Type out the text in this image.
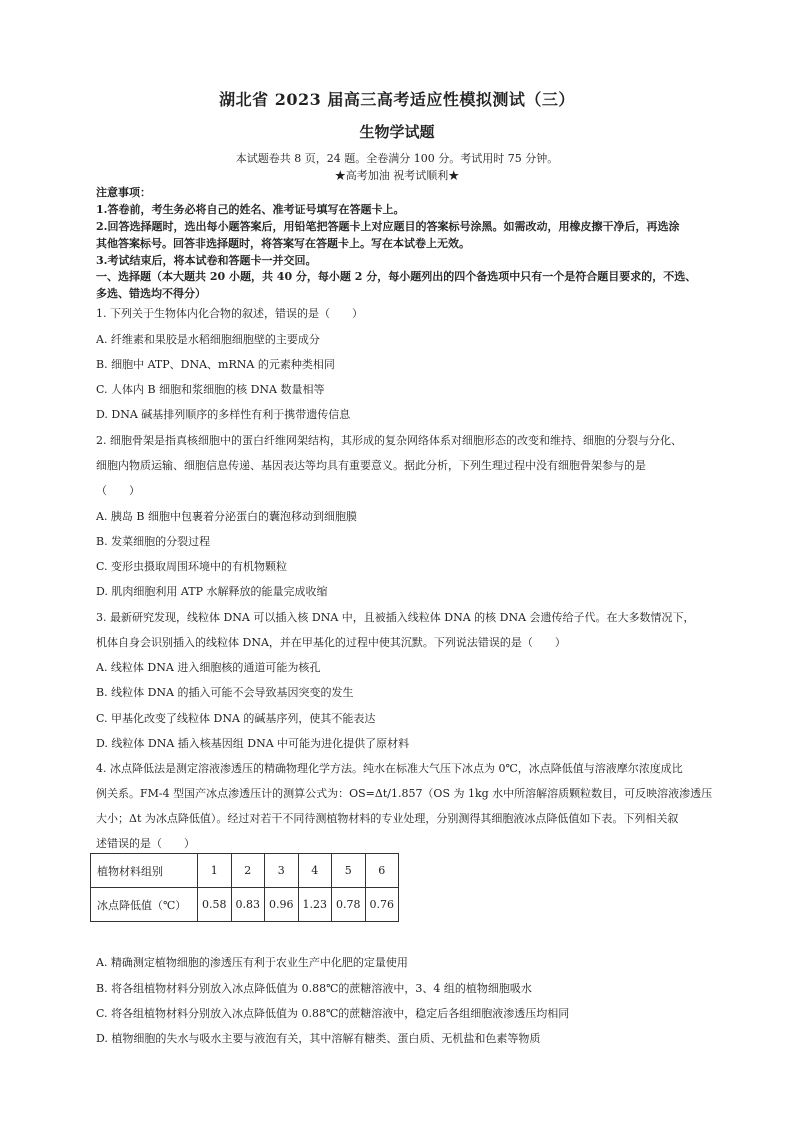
湖北省 2023 届高三高考适应性模拟测试（三）
生物学试题
本试题卷共 8 页，24 题。全卷满分 100 分。考试用时 75 分钟。
★高考加油 祝考试顺利★
注意事项：
1.答卷前，考生务必将自己的姓名、准考证号填写在答题卡上。
2.回答选择题时，选出每小题答案后，用铅笔把答题卡上对应题目的答案标号涂黑。如需改动，用橡皮擦干净后，再选涂
其他答案标号。回答非选择题时，将答案写在答题卡上。写在本试卷上无效。
3.考试结束后，将本试卷和答题卡一并交回。
一、选择题（本大题共 20 小题，共 40 分，每小题 2 分，每小题列出的四个备选项中只有一个是符合题目要求的，不选、
多选、错选均不得分）
1. 下列关于生物体内化合物的叙述，错误的是（　　）
A. 纤维素和果胶是水稻细胞细胞壁的主要成分
B. 细胞中 ATP、DNA、mRNA 的元素种类相同
C. 人体内 B 细胞和浆细胞的核 DNA 数量相等
D. DNA 碱基排列顺序的多样性有利于携带遗传信息
2. 细胞骨架是指真核细胞中的蛋白纤维网架结构，其形成的复杂网络体系对细胞形态的改变和维持、细胞的分裂与分化、
细胞内物质运输、细胞信息传递、基因表达等均具有重要意义。据此分析，下列生理过程中没有细胞骨架参与的是
（　　）
A. 胰岛 B 细胞中包裹着分泌蛋白的囊泡移动到细胞膜
B. 发菜细胞的分裂过程
C. 变形虫摄取周围环境中的有机物颗粒
D. 肌肉细胞利用 ATP 水解释放的能量完成收缩
3. 最新研究发现，线粒体 DNA 可以插入核 DNA 中，且被插入线粒体 DNA 的核 DNA 会遗传给子代。在大多数情况下，
机体自身会识别插入的线粒体 DNA，并在甲基化的过程中使其沉默。下列说法错误的是（　　）
A. 线粒体 DNA 进入细胞核的通道可能为核孔
B. 线粒体 DNA 的插入可能不会导致基因突变的发生
C. 甲基化改变了线粒体 DNA 的碱基序列，使其不能表达
D. 线粒体 DNA 插入核基因组 DNA 中可能为进化提供了原材料
4. 冰点降低法是测定溶液渗透压的精确物理化学方法。纯水在标准大气压下冰点为 0℃，冰点降低值与溶液摩尔浓度成比
例关系。FM-4 型国产冰点渗透压计的测算公式为：OS=Δt/1.857（OS 为 1kg 水中所溶解溶质颗粒数目，可反映溶液渗透压
大小；Δt 为冰点降低值）。经过对若干不同待测植物材料的专业处理，分别测得其细胞液冰点降低值如下表。下列相关叙
述错误的是（　　）
植物材料组别	1	2	3	4	5	6
冰点降低值（℃）	0.58	0.83	0.96	1.23	0.78	0.76
A. 精确测定植物细胞的渗透压有利于农业生产中化肥的定量使用
B. 将各组植物材料分别放入冰点降低值为 0.88℃的蔗糖溶液中，3、4 组的植物细胞吸水
C. 将各组植物材料分别放入冰点降低值为 0.88℃的蔗糖溶液中，稳定后各组细胞液渗透压均相同
D. 植物细胞的失水与吸水主要与液泡有关，其中溶解有糖类、蛋白质、无机盐和色素等物质
